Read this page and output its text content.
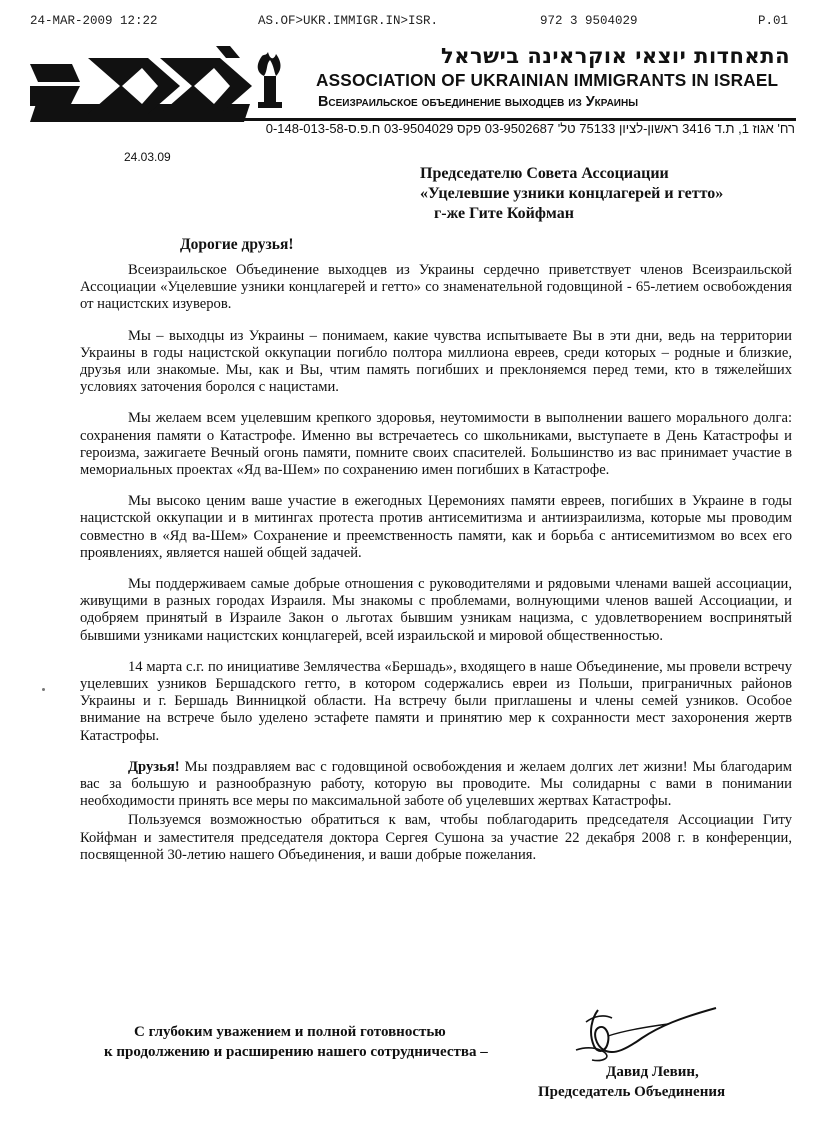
24-MAR-2009 12:22	AS.OF>UKR.IMMIGR.IN>ISR.	972 3 9504029	P.01
התאחדות יוצאי אוקראינה בישראל
ASSOCIATION OF UKRAINIAN IMMIGRANTS IN ISRAEL
Всеизраильское объединение выходцев из Украины
רח' אגוז 1, ת.ד 3416 ראשון-לציון 75133 טל' 03-9502687 פקס 03-9504029 ח.פ.ס-0-148-013-58
24.03.09
Председателю Совета Ассоциации
«Уцелевшие узники концлагерей и гетто»
г-же Гите Койфман
Дорогие друзья!

Всеизраильское Объединение выходцев из Украины сердечно приветствует членов Всеизраильской Ассоциации «Уцелевшие узники концлагерей и гетто» со знаменательной годовщиной - 65-летием освобождения от нацистских изуверов.

Мы – выходцы из Украины – понимаем, какие чувства испытываете Вы в эти дни, ведь на территории Украины в годы нацистской оккупации погибло полтора миллиона евреев, среди которых – родные и близкие, друзья или знакомые. Мы, как и Вы, чтим память погибших и преклоняемся перед теми, кто в тяжелейших условиях заточения боролся с нацистами.

Мы желаем всем уцелевшим крепкого здоровья, неутомимости в выполнении вашего морального долга: сохранения памяти о Катастрофе. Именно вы встречаетесь со школьниками, выступаете в День Катастрофы и героизма, зажигаете Вечный огонь памяти, помните своих спасителей. Большинство из вас принимает участие в мемориальных проектах «Яд ва-Шем» по сохранению имен погибших в Катастрофе.

Мы высоко ценим ваше участие в ежегодных Церемониях памяти евреев, погибших в Украине в годы нацистской оккупации и в митингах протеста против антисемитизма и антиизраилизма, которые мы проводим совместно в «Яд ва-Шем» Сохранение и преемственность памяти, как и борьба с антисемитизмом во всех его проявлениях, является нашей общей задачей.

Мы поддерживаем самые добрые отношения с руководителями и рядовыми членами вашей ассоциации, живущими в разных городах Израиля. Мы знакомы с проблемами, волнующими членов вашей Ассоциации, и одобряем принятый в Израиле Закон о льготах бывшим узникам нацизма, с удовлетворением воспринятый бывшими узниками нацистских концлагерей, всей израильской и мировой общественностью.

14 марта с.г. по инициативе Землячества «Бершадь», входящего в наше Объединение, мы провели встречу уцелевших узников Бершадского гетто, в котором содержались евреи из Польши, приграничных районов Украины и г. Бершадь Винницкой области. На встречу были приглашены и члены семей узников. Особое внимание на встрече было уделено эстафете памяти и принятию мер к сохранности мест захоронения жертв Катастрофы.

Друзья! Мы поздравляем вас с годовщиной освобождения и желаем долгих лет жизни! Мы благодарим вас за большую и разнообразную работу, которую вы проводите. Мы солидарны с вами в понимании необходимости принять все меры по максимальной заботе об уцелевших жертвах Катастрофы.

Пользуемся возможностью обратиться к вам, чтобы поблагодарить председателя Ассоциации Гиту Койфман и заместителя председателя доктора Сергея Сушона за участие 22 декабря 2008 г. в конференции, посвященной 30-летию нашего Объединения, и ваши добрые пожелания.

С глубоким уважением и полной готовностью
к продолжению и расширению нашего сотрудничества –
Давид Левин,
Председатель Объединения
